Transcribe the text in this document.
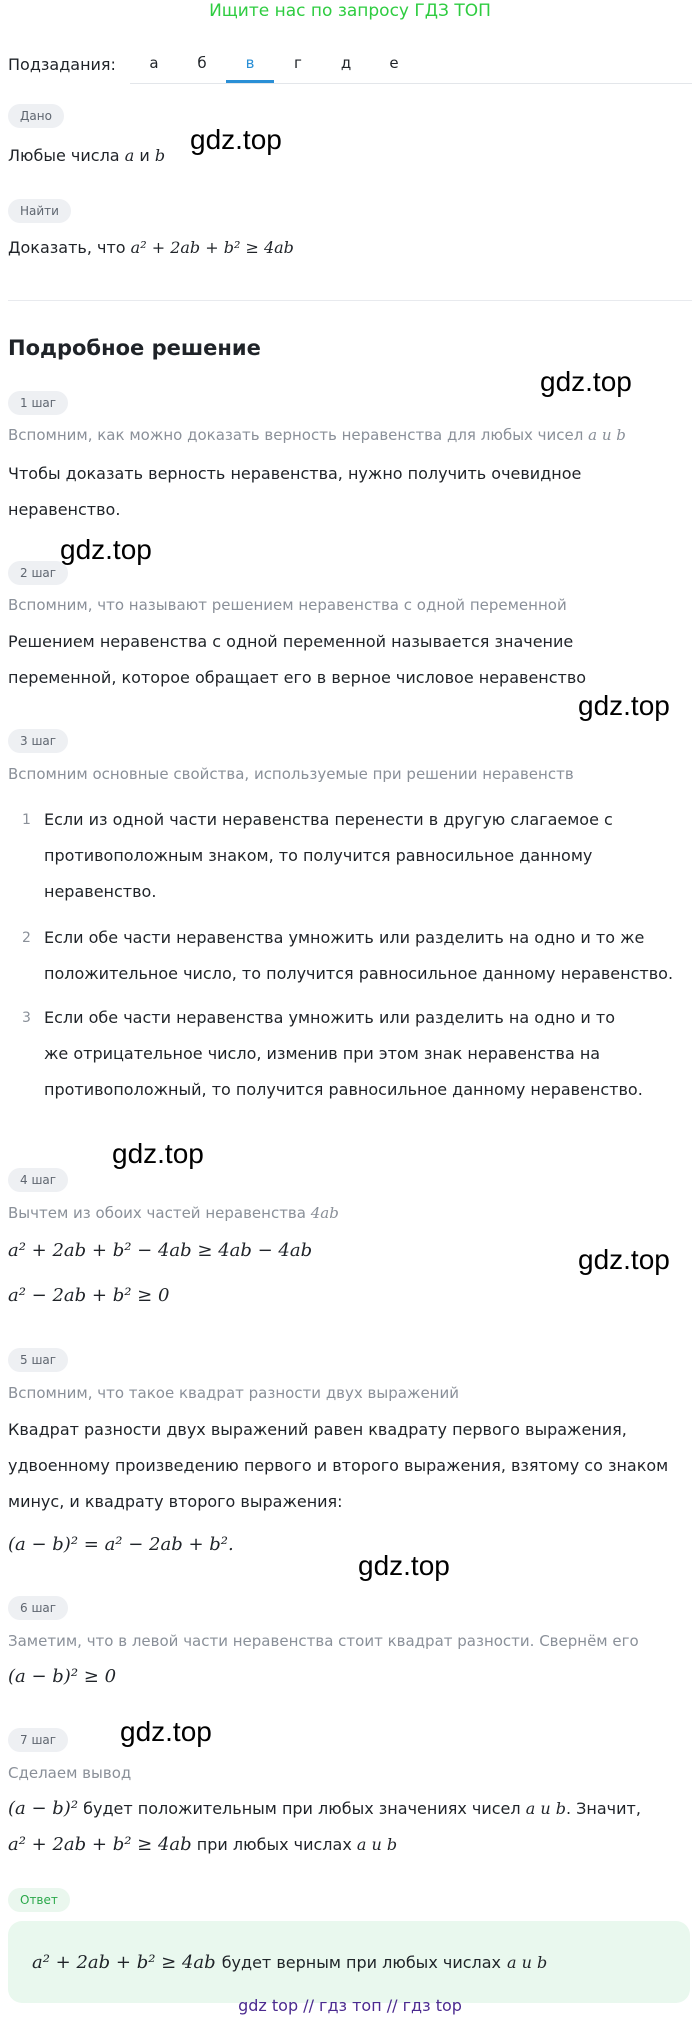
Ищите нас по запросу ГДЗ ТОП
Подзадания:	а	б	в	г	д	е
Дано
Любые числа a и b
gdz.top
Найти
Доказать, что a² + 2ab + b² ≥ 4ab
Подробное решение
gdz.top
1 шаг
Вспомним, как можно доказать верность неравенства для любых чисел a и b
Чтобы доказать верность неравенства, нужно получить очевидное неравенство.
gdz.top
2 шаг
Вспомним, что называют решением неравенства с одной переменной
Решением неравенства с одной переменной называется значение переменной, которое обращает его в верное числовое неравенство
gdz.top
3 шаг
Вспомним основные свойства, используемые при решении неравенств
1 Если из одной части неравенства перенести в другую слагаемое с противоположным знаком, то получится равносильное данному неравенство.
2 Если обе части неравенства умножить или разделить на одно и то же положительное число, то получится равносильное данному неравенство.
3 Если обе части неравенства умножить или разделить на одно и то же отрицательное число, изменив при этом знак неравенства на противоположный, то получится равносильное данному неравенство.
gdz.top
4 шаг
Вычтем из обоих частей неравенства 4ab
a² + 2ab + b² − 4ab ≥ 4ab − 4ab
a² − 2ab + b² ≥ 0
gdz.top
5 шаг
Вспомним, что такое квадрат разности двух выражений
Квадрат разности двух выражений равен квадрату первого выражения, удвоенному произведению первого и второго выражения, взятому со знаком минус, и квадрату второго выражения:
(a − b)² = a² − 2ab + b².
gdz.top
6 шаг
Заметим, что в левой части неравенства стоит квадрат разности. Свернём его
(a − b)² ≥ 0
gdz.top
7 шаг
Сделаем вывод
(a − b)² будет положительным при любых значениях чисел a и b. Значит,
a² + 2ab + b² ≥ 4ab при любых числах a и b
Ответ
a² + 2ab + b² ≥ 4ab будет верным при любых числах a и b
gdz top // гдз топ // гдз top
